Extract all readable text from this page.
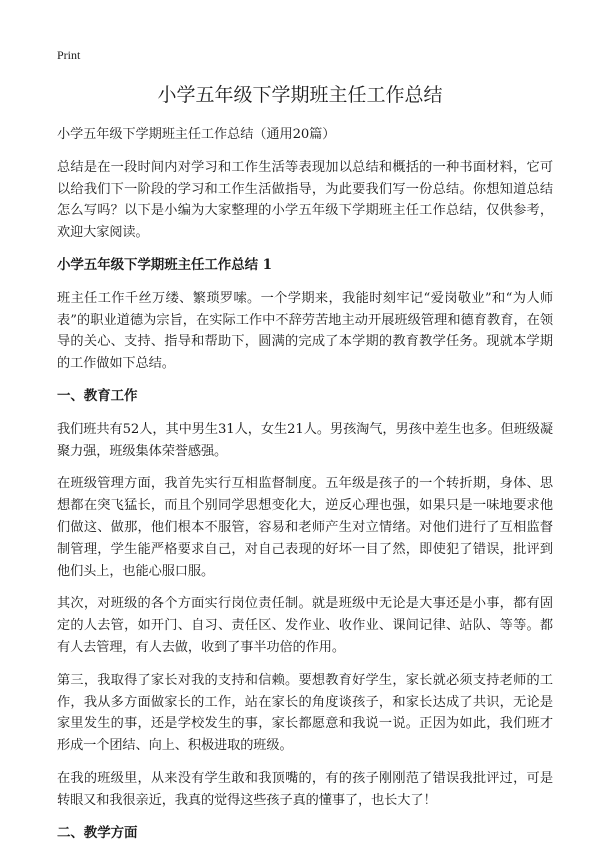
Print
小学五年级下学期班主任工作总结

小学五年级下学期班主任工作总结（通用20篇）

总结是在一段时间内对学习和工作生活等表现加以总结和概括的一种书面材料，它可以给我们下一阶段的学习和工作生活做指导，为此要我们写一份总结。你想知道总结怎么写吗？以下是小编为大家整理的小学五年级下学期班主任工作总结，仅供参考，欢迎大家阅读。

小学五年级下学期班主任工作总结 1

班主任工作千丝万缕、繁琐罗嗦。一个学期来，我能时刻牢记“爱岗敬业”和“为人师表”的职业道德为宗旨，在实际工作中不辞劳苦地主动开展班级管理和德育教育，在领导的关心、支持、指导和帮助下，圆满的完成了本学期的教育教学任务。现就本学期的工作做如下总结。

一、教育工作

我们班共有52人，其中男生31人，女生21人。男孩淘气，男孩中差生也多。但班级凝聚力强，班级集体荣誉感强。

在班级管理方面，我首先实行互相监督制度。五年级是孩子的一个转折期，身体、思想都在突飞猛长，而且个别同学思想变化大，逆反心理也强，如果只是一味地要求他们做这、做那，他们根本不服管，容易和老师产生对立情绪。对他们进行了互相监督制管理，学生能严格要求自己，对自己表现的好坏一目了然，即使犯了错误，批评到他们头上，也能心服口服。

其次，对班级的各个方面实行岗位责任制。就是班级中无论是大事还是小事，都有固定的人去管，如开门、自习、责任区、发作业、收作业、课间记律、站队、等等。都有人去管理，有人去做，收到了事半功倍的作用。

第三，我取得了家长对我的支持和信赖。要想教育好学生，家长就必须支持老师的工作，我从多方面做家长的工作，站在家长的角度谈孩子，和家长达成了共识，无论是家里发生的事，还是学校发生的事，家长都愿意和我说一说。正因为如此，我们班才形成一个团结、向上、积极进取的班级。

在我的班级里，从来没有学生敢和我顶嘴的，有的孩子刚刚范了错误我批评过，可是转眼又和我很亲近，我真的觉得这些孩子真的懂事了，也长大了！

二、教学方面
